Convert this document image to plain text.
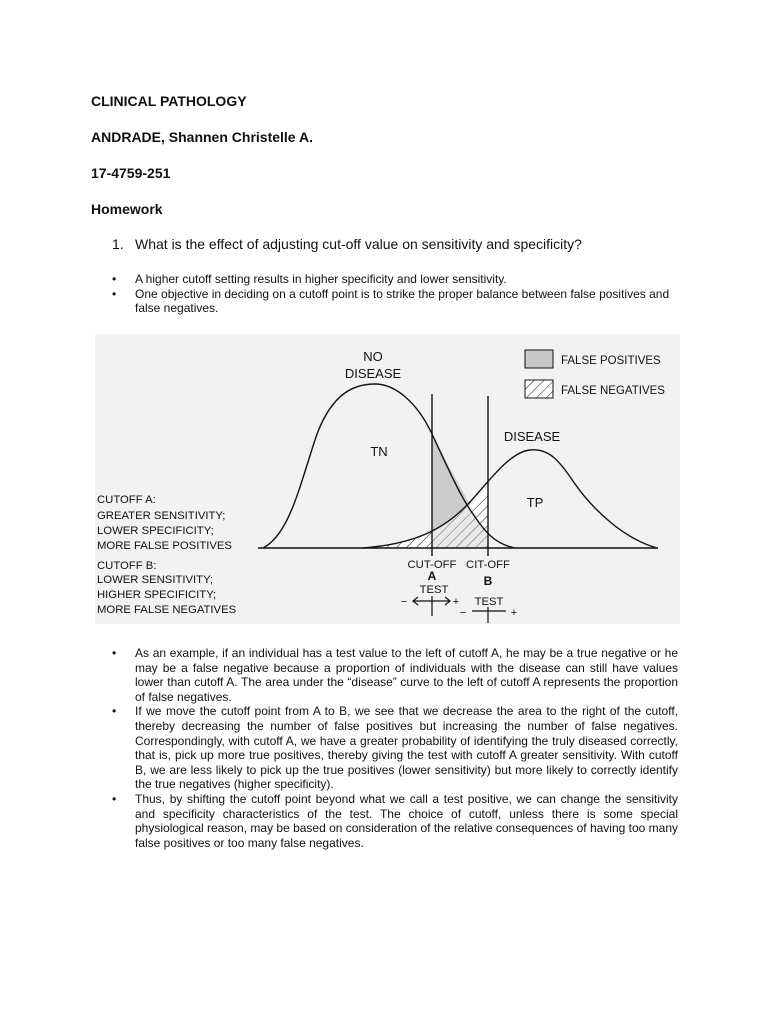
CLINICAL PATHOLOGY
ANDRADE, Shannen Christelle A.
17-4759-251
Homework
1. What is the effect of adjusting cut-off value on sensitivity and specificity?
• A higher cutoff setting results in higher specificity and lower sensitivity.
• One objective in deciding on a cutoff point is to strike the proper balance between false positives and false negatives.
NO
DISEASE
TN
DISEASE
TP
FALSE POSITIVES
FALSE NEGATIVES
CUTOFF A:
GREATER SENSITIVITY;
LOWER SPECIFICITY;
MORE FALSE POSITIVES
CUTOFF B:
LOWER SENSITIVITY;
HIGHER SPECIFICITY;
MORE FALSE NEGATIVES
CUT-OFF
A
TEST
−	+
CIT-OFF
B
TEST
−	+
• As an example, if an individual has a test value to the left of cutoff A, he may be a true negative or he may be a false negative because a proportion of individuals with the disease can still have values lower than cutoff A. The area under the “disease” curve to the left of cutoff A represents the proportion of false negatives.
• If we move the cutoff point from A to B, we see that we decrease the area to the right of the cutoff, thereby decreasing the number of false positives but increasing the number of false negatives. Correspondingly, with cutoff A, we have a greater probability of identifying the truly diseased correctly, that is, pick up more true positives, thereby giving the test with cutoff A greater sensitivity. With cutoff B, we are less likely to pick up the true positives (lower sensitivity) but more likely to correctly identify the true negatives (higher specificity).
• Thus, by shifting the cutoff point beyond what we call a test positive, we can change the sensitivity and specificity characteristics of the test. The choice of cutoff, unless there is some special physiological reason, may be based on consideration of the relative consequences of having too many false positives or too many false negatives.
